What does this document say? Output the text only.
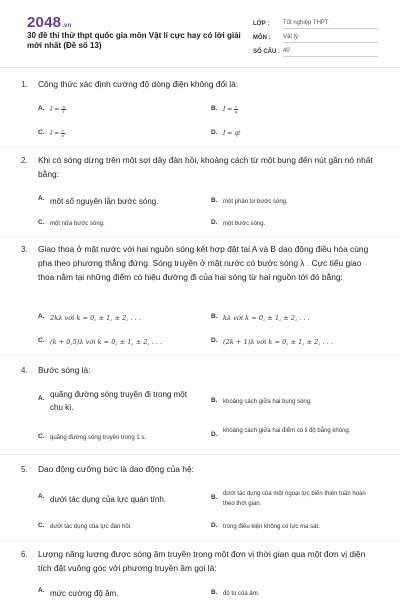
2048.vn
30 đề thi thử thpt quốc gia môn Vật lí cực hay có lời giải mới nhất (Đề số 13)
LỚP :	Tốt nghiệp THPT
MÔN :	Vật lý
SỐ CÂU : 40
1. Công thức xác định cường độ dòng điện không đổi là:
A. $I = \frac{q}{t}$	B. $I = \frac{t}{q}$
C. $I = \frac{t}{e}$	D. I = qt
2. Khi có sóng dừng trên một sợi dây đàn hồi, khoảng cách từ một bụng đến nút gần nó nhất bằng:
A. một số nguyên lần bước sóng.	B. một phần tư bước sóng.
C. một nửa bước sóng.	D. một bước sóng.
3. Giao thoa ở mặt nước với hai nguồn sóng kết hợp đặt tại A và B dao động điều hòa cùng pha theo phương thẳng đứng. Sóng truyền ở mặt nước có bước sóng λ . Cực tiểu giao thoa nằm tại những điểm có hiệu đường đi của hai sóng từ hai nguồn tới đó bằng:
A. 2kλ với k = 0, ± 1, ± 2, . . .	B. kλ với k = 0, ± 1, ± 2, . . .
C. (k + 0,5)λ với k = 0, ± 1, ± 2, . . .	D. (2k + 1)λ với k = 0, ± 1, ± 2, . . .
4. Bước sóng là:
A. quãng đường sóng truyền đi trong một chu kì.
B. khoảng cách giữa hai bụng sóng.
C. quãng đường sóng truyền trong 1 s.	D. khoảng cách giữa hai điểm có li độ bằng không.
5. Dao động cưỡng bức là dao động của hệ:
A. dưới tác dụng của lực quán tính.	B. dưới tác dụng của một ngoại lực biến thiên tuần hoàn theo thời gian.
C. dưới tác dụng của lực đàn hồi.	D. trong điều kiện không có lực ma sát.
6. Lượng năng lượng được sóng âm truyền trong một đơn vị thời gian qua một đơn vị diện tích đặt vuông góc với phương truyền âm gọi là:
A. mức cường độ âm.	B. độ to của âm.
